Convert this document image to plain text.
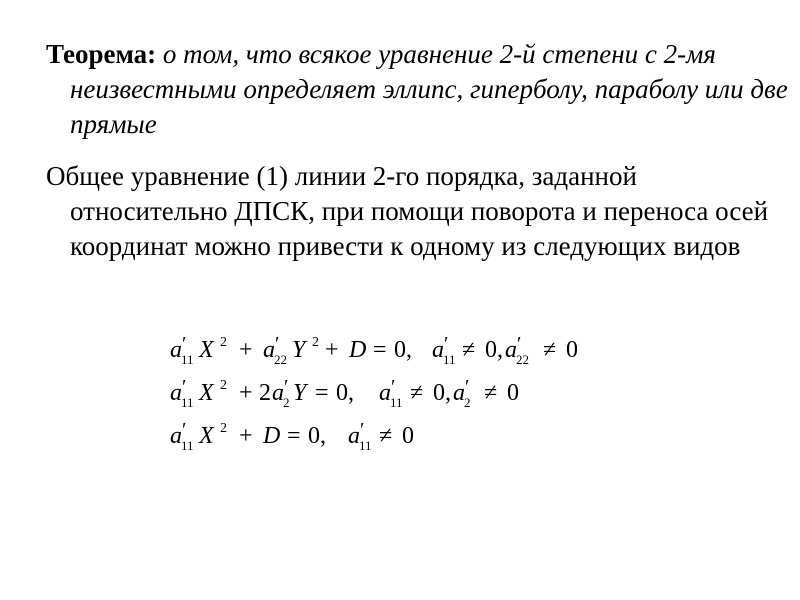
Теорема: о том, что всякое уравнение 2-й степени с 2-мя неизвестными определяет эллипс, гиперболу, параболу или две прямые
Общее уравнение (1) линии 2-го порядка, заданной относительно ДПСК, при помощи поворота и переноса осей координат можно привести к одному из следующих видов
a ′
11 X 2 + a ′
22 Y 2 + D = 0, a ′
11 ≠ 0, a ′
22 ≠ 0
a ′
11 X 2 + 2 a ′
2 Y = 0, a ′
11 ≠ 0, a ′
2 ≠ 0
a ′
11 X 2 + D = 0, a ′
11 ≠ 0
